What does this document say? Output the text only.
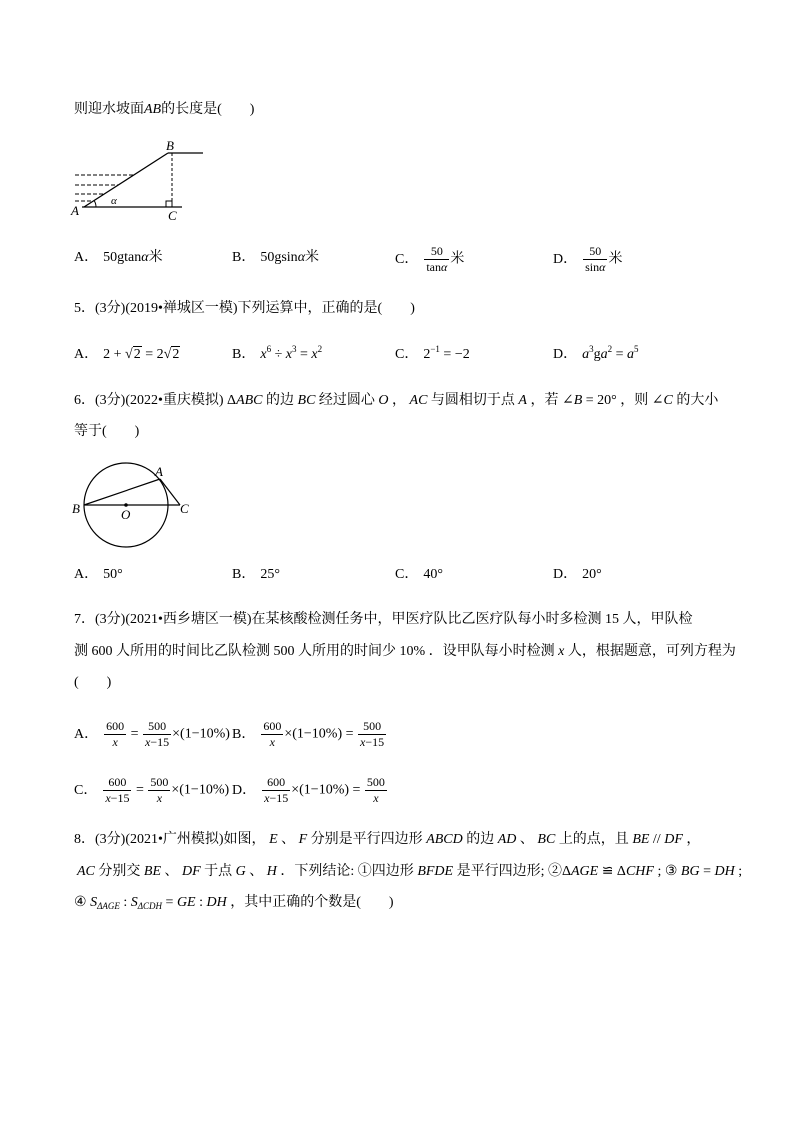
则迎水坡面AB的长度是(　　)
A
B
C
α
A． 50gtanα米	B． 50gsinα米	C． $\frac{50}{\tan\alpha}$ 米	D． $\frac{50}{\sin\alpha}$ 米
5．(3分)(2019•禅城区一模)下列运算中，正确的是(　　)
A． 2 + √2 = 2√2	B． $x^6 \div x^3 = x^2$	C． $2^{-1} = -2$	D． $a^3ga^2 = a^5$
6．(3分)(2022•重庆模拟) ΔABC 的边 BC 经过圆心 O ， AC 与圆相切于点 A ，若 ∠B = 20° ，则 ∠C 的大小
等于(　　)
A
B	O	C
A． 50°	B． 25°	C． 40°	D． 20°
7．(3分)(2021•西乡塘区一模)在某核酸检测任务中，甲医疗队比乙医疗队每小时多检测 15 人，甲队检
测 600 人所用的时间比乙队检测 500 人所用的时间少 10% ．设甲队每小时检测 x 人，根据题意，可列方程为
(　　)
A． $\frac{600}{x} = \frac{500}{x-15} \times(1-10\%)$ B． $\frac{600}{x} \times(1-10\%) = \frac{500}{x-15}$
C． $\frac{600}{x-15} = \frac{500}{x} \times(1-10\%)$ D． $\frac{600}{x-15} \times(1-10\%) = \frac{500}{x}$
8．(3分)(2021•广州模拟)如图， E 、 F 分别是平行四边形 ABCD 的边 AD 、 BC 上的点，且 BE // DF ，
AC 分别交 BE 、 DF 于点 G 、 H ．下列结论: ①四边形 BFDE 是平行四边形; ②ΔAGE ≌ ΔCHF ; ③ BG = DH ;
④ $S_{\Delta AGE}$ : $S_{\Delta CDH}$ = GE : DH ，其中正确的个数是(　　)
